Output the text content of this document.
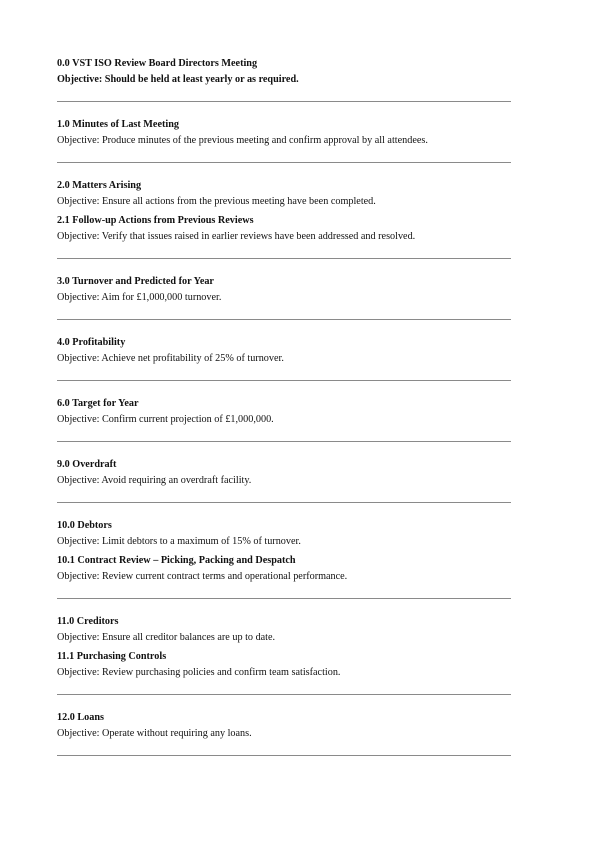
0.0 VST ISO Review Board Directors Meeting
Objective: Should be held at least yearly or as required.
1.0 Minutes of Last Meeting
Objective: Produce minutes of the previous meeting and confirm approval by all attendees.
2.0 Matters Arising
Objective: Ensure all actions from the previous meeting have been completed.
2.1 Follow-up Actions from Previous Reviews
Objective: Verify that issues raised in earlier reviews have been addressed and resolved.
3.0 Turnover and Predicted for Year
Objective: Aim for £1,000,000 turnover.
4.0 Profitability
Objective: Achieve net profitability of 25% of turnover.
6.0 Target for Year
Objective: Confirm current projection of £1,000,000.
9.0 Overdraft
Objective: Avoid requiring an overdraft facility.
10.0 Debtors
Objective: Limit debtors to a maximum of 15% of turnover.
10.1 Contract Review – Picking, Packing and Despatch
Objective: Review current contract terms and operational performance.
11.0 Creditors
Objective: Ensure all creditor balances are up to date.
11.1 Purchasing Controls
Objective: Review purchasing policies and confirm team satisfaction.
12.0 Loans
Objective: Operate without requiring any loans.
